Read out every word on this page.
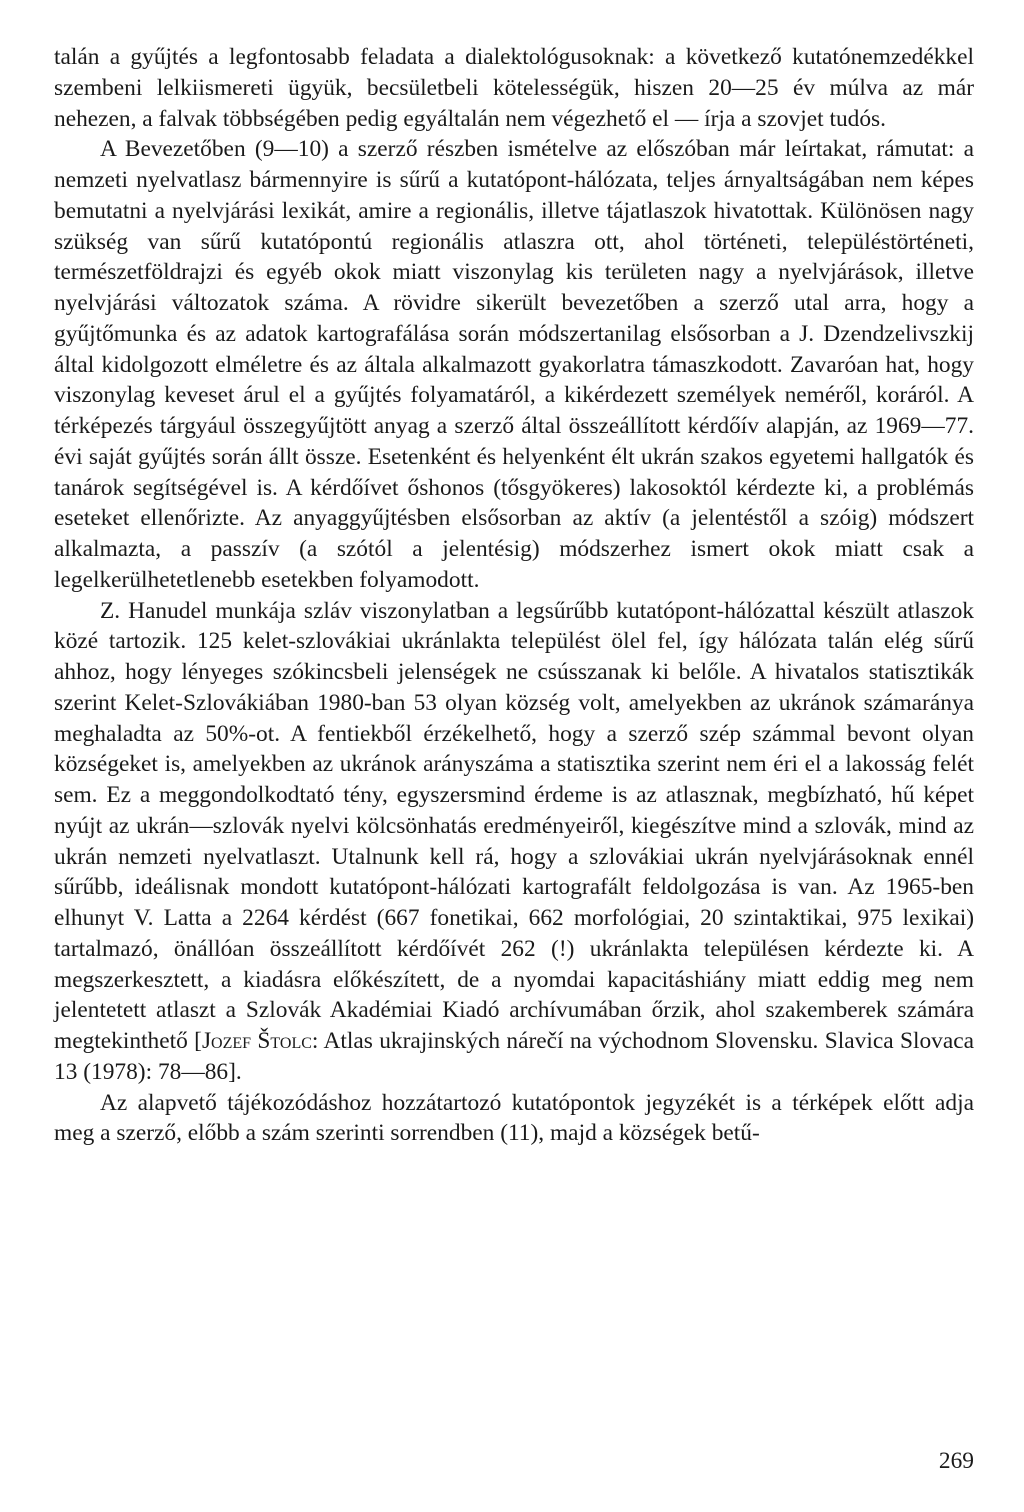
talán a gyűjtés a legfontosabb feladata a dialektológusoknak: a következő kutatónemzedékkel szembeni lelkiismereti ügyük, becsületbeli kötelességük, hiszen 20—25 év múlva az már nehezen, a falvak többségében pedig egyáltalán nem végezhető el — írja a szovjet tudós.

A Bevezetőben (9—10) a szerző részben ismételve az előszóban már leírtakat, rámutat: a nemzeti nyelvatlasz bármennyire is sűrű a kutatópont-hálózata, teljes árnyaltságában nem képes bemutatni a nyelvjárási lexikát, amire a regionális, illetve tájatlaszok hivatottak. Különösen nagy szükség van sűrű kutatópontú regionális atlaszra ott, ahol történeti, településtörténeti, természetföldrajzi és egyéb okok miatt viszonylag kis területen nagy a nyelvjárások, illetve nyelvjárási változatok száma. A rövidre sikerült bevezetőben a szerző utal arra, hogy a gyűjtőmunka és az adatok kartografálása során módszertanilag elsősorban a J. Dzendzelivszkij által kidolgozott elméletre és az általa alkalmazott gyakorlatra támaszkodott. Zavaróan hat, hogy viszonylag keveset árul el a gyűjtés folyamatáról, a kikérdezett személyek neméről, koráról. A térképezés tárgyául összegyűjtött anyag a szerző által összeállított kérdőív alapján, az 1969—77. évi saját gyűjtés során állt össze. Esetenként és helyenként élt ukrán szakos egyetemi hallgatók és tanárok segítségével is. A kérdőívet őshonos (tősgyökeres) lakosoktól kérdezte ki, a problémás eseteket ellenőrizte. Az anyaggyűjtésben elsősorban az aktív (a jelentéstől a szóig) módszert alkalmazta, a passzív (a szótól a jelentésig) módszerhez ismert okok miatt csak a legelkerülhetetlenebb esetekben folyamodott.

Z. Hanudel munkája szláv viszonylatban a legsűrűbb kutatópont-hálózattal készült atlaszok közé tartozik. 125 kelet-szlovákiai ukránlakta települést ölel fel, így hálózata talán elég sűrű ahhoz, hogy lényeges szókincsbeli jelenségek ne csússzanak ki belőle. A hivatalos statisztikák szerint Kelet-Szlovákiában 1980-ban 53 olyan község volt, amelyekben az ukránok számaránya meghaladta az 50%-ot. A fentiekből érzékelhető, hogy a szerző szép számmal bevont olyan községeket is, amelyekben az ukránok arányszáma a statisztika szerint nem éri el a lakosság felét sem. Ez a meggondolkodtató tény, egyszersmind érdeme is az atlasznak, megbízható, hű képet nyújt az ukrán—szlovák nyelvi kölcsönhatás eredményeiről, kiegészítve mind a szlovák, mind az ukrán nemzeti nyelvatlaszt. Utalnunk kell rá, hogy a szlovákiai ukrán nyelvjárásoknak ennél sűrűbb, ideálisnak mondott kutatópont-hálózati kartografált feldolgozása is van. Az 1965-ben elhunyt V. Latta a 2264 kérdést (667 fonetikai, 662 morfológiai, 20 szintaktikai, 975 lexikai) tartalmazó, önállóan összeállított kérdőívét 262 (!) ukránlakta településen kérdezte ki. A megszerkesztett, a kiadásra előkészített, de a nyomdai kapacitáshiány miatt eddig meg nem jelentetett atlaszt a Szlovák Akadémiai Kiadó archívumában őrzik, ahol szakemberek számára megtekinthető [Jozef Štolc: Atlas ukrajinských nárečí na východnom Slovensku. Slavica Slovaca 13 (1978): 78—86].

Az alapvető tájékozódáshoz hozzátartozó kutatópontok jegyzékét is a térképek előtt adja meg a szerző, előbb a szám szerinti sorrendben (11), majd a községek betű-

269
